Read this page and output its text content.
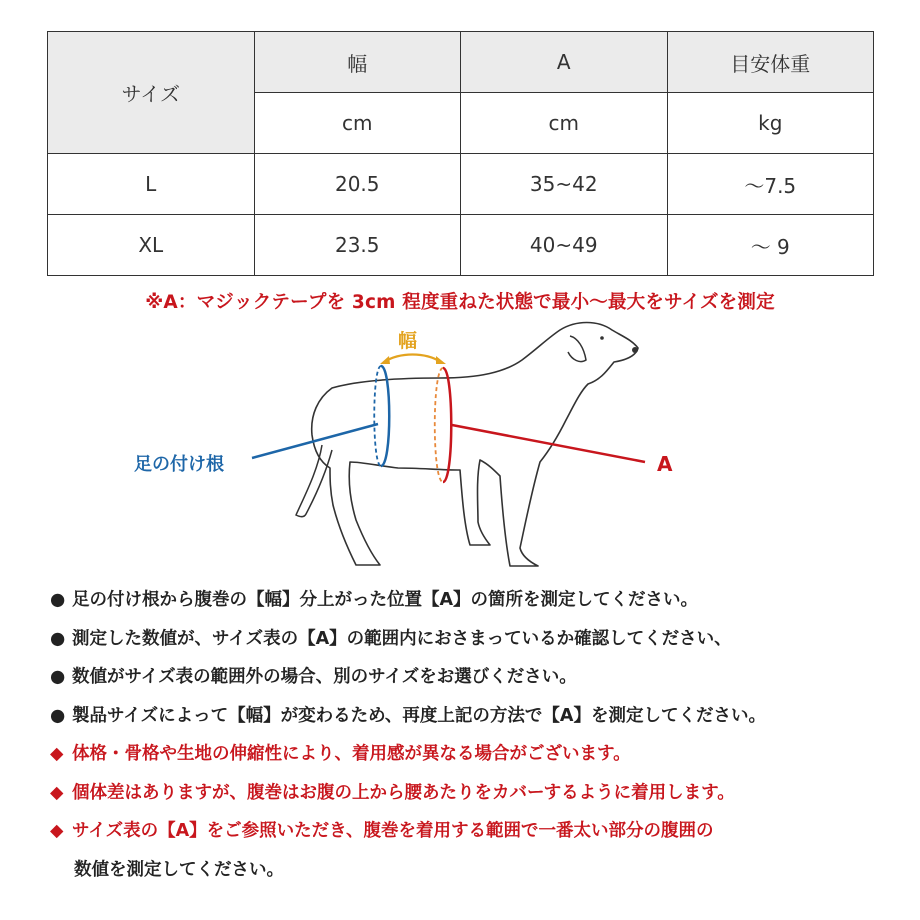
サイズ	幅	A	目安体重
	cm	cm	kg
L	20.5	35~42	～7.5
XL	23.5	40~49	～ 9
※A：マジックテープを 3cm 程度重ねた状態で最小～最大をサイズを測定
幅
足の付け根	A
● 足の付け根から腹巻の【幅】分上がった位置【A】の箇所を測定してください。
● 測定した数値が、サイズ表の【A】の範囲内におさまっているか確認してください、
● 数値がサイズ表の範囲外の場合、別のサイズをお選びください。
● 製品サイズによって【幅】が変わるため、再度上記の方法で【A】を測定してください。
◆ 体格・骨格や生地の伸縮性により、着用感が異なる場合がございます。
◆ 個体差はありますが、腹巻はお腹の上から腰あたりをカバーするように着用します。
◆ サイズ表の【A】をご参照いただき、腹巻を着用する範囲で一番太い部分の腹囲の
数値を測定してください。
